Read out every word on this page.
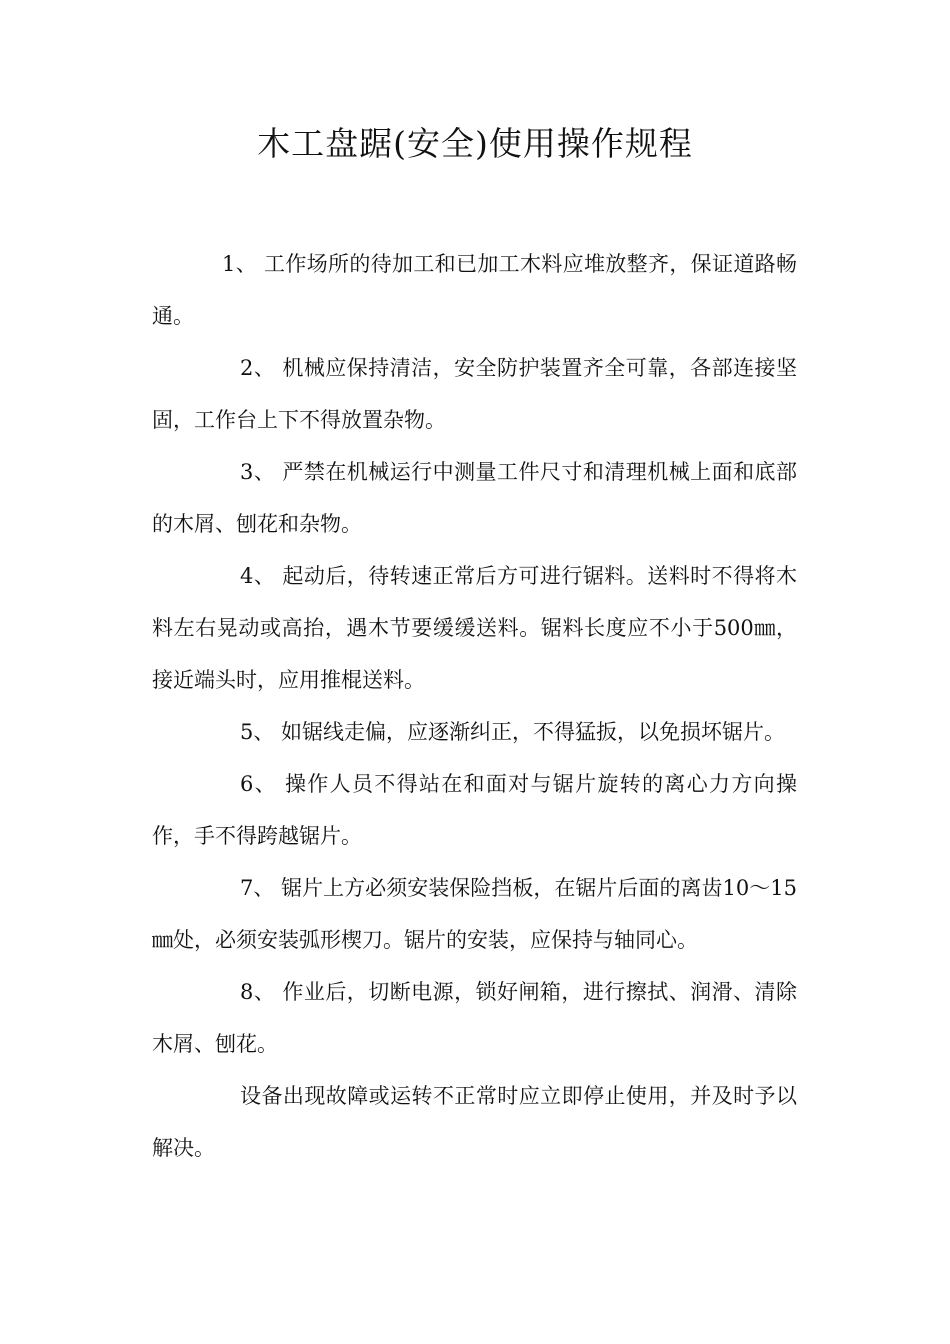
木工盘踞(安全)使用操作规程

1、 工作场所的待加工和已加工木料应堆放整齐，保证道路畅通。

2、 机械应保持清洁，安全防护装置齐全可靠，各部连接坚固，工作台上下不得放置杂物。

3、 严禁在机械运行中测量工件尺寸和清理机械上面和底部的木屑、刨花和杂物。

4、 起动后，待转速正常后方可进行锯料。送料时不得将木料左右晃动或高抬，遇木节要缓缓送料。锯料长度应不小于500㎜，接近端头时，应用推棍送料。

5、 如锯线走偏，应逐渐纠正，不得猛扳，以免损坏锯片。

6、 操作人员不得站在和面对与锯片旋转的离心力方向操作，手不得跨越锯片。

7、 锯片上方必须安装保险挡板，在锯片后面的离齿10～15㎜处，必须安装弧形楔刀。锯片的安装，应保持与轴同心。

8、 作业后，切断电源，锁好闸箱，进行擦拭、润滑、清除木屑、刨花。

设备出现故障或运转不正常时应立即停止使用，并及时予以解决。
